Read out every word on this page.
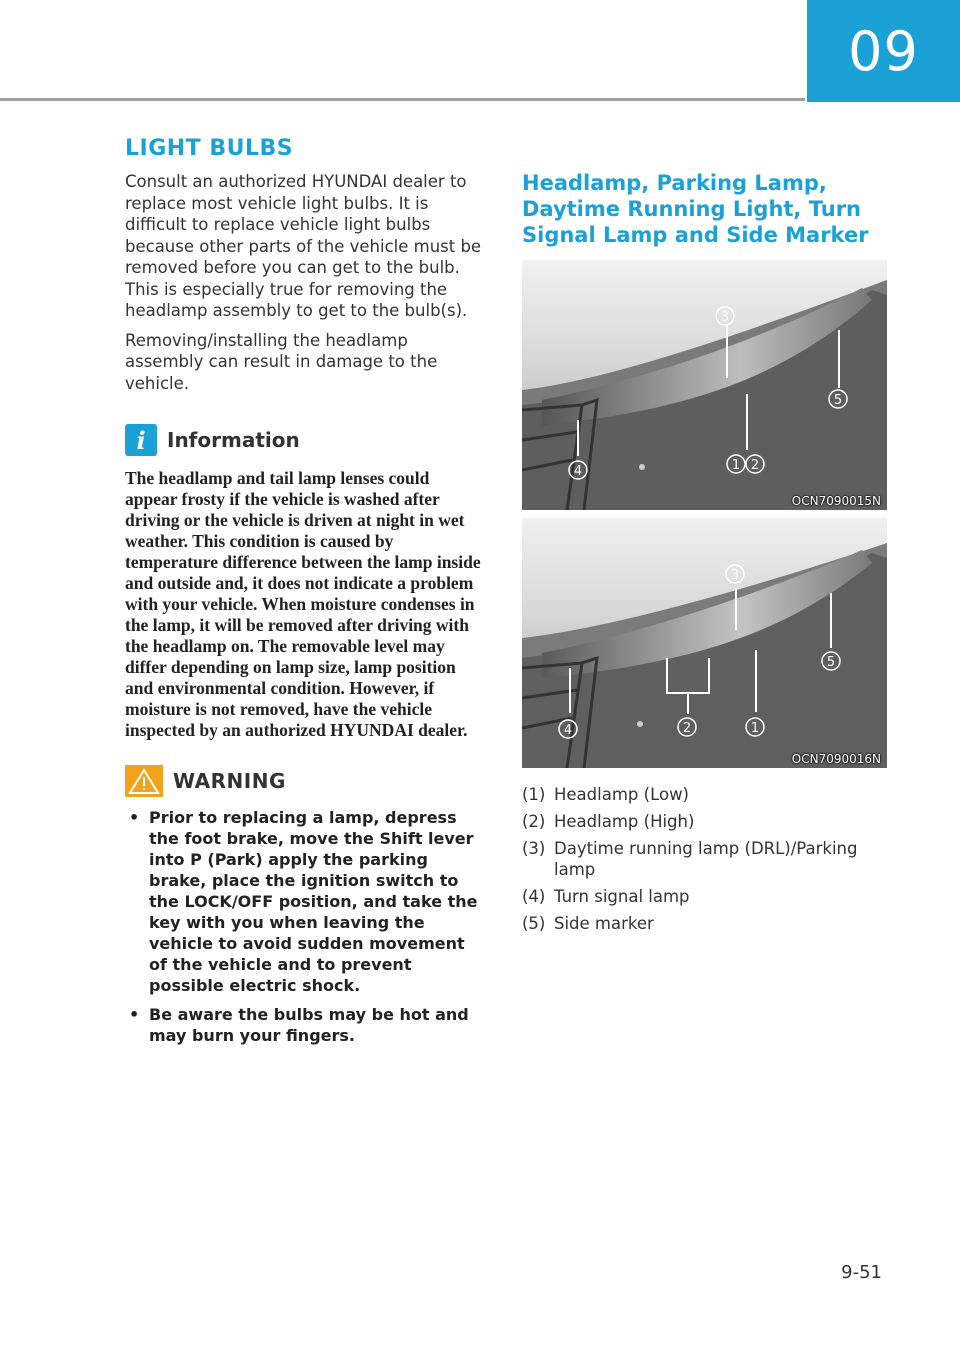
09
LIGHT BULBS

Consult an authorized HYUNDAI dealer to replace most vehicle light bulbs. It is difficult to replace vehicle light bulbs because other parts of the vehicle must be removed before you can get to the bulb. This is especially true for removing the headlamp assembly to get to the bulb(s).

Removing/installing the headlamp assembly can result in damage to the vehicle.

i	Information
The headlamp and tail lamp lenses could appear frosty if the vehicle is washed after driving or the vehicle is driven at night in wet weather. This condition is caused by temperature difference between the lamp inside and outside and, it does not indicate a problem with your vehicle. When moisture condenses in the lamp, it will be removed after driving with the headlamp on. The removable level may differ depending on lamp size, lamp position and environmental condition. However, if moisture is not removed, have the vehicle inspected by an authorized HYUNDAI dealer.
WARNING
• Prior to replacing a lamp, depress the foot brake, move the Shift lever into P (Park) apply the parking brake, place the ignition switch to the LOCK/OFF position, and take the key with you when leaving the vehicle to avoid sudden movement of the vehicle and to prevent possible electric shock.
• Be aware the bulbs may be hot and may burn your fingers.
Headlamp, Parking Lamp, Daytime Running Light, Turn Signal Lamp and Side Marker
3
5
4	1 2
OCN7090015N
3
5
4	2	1
OCN7090016N
(1) Headlamp (Low)
(2) Headlamp (High)
(3) Daytime running lamp (DRL)/Parking lamp
(4) Turn signal lamp
(5) Side marker
9-51
